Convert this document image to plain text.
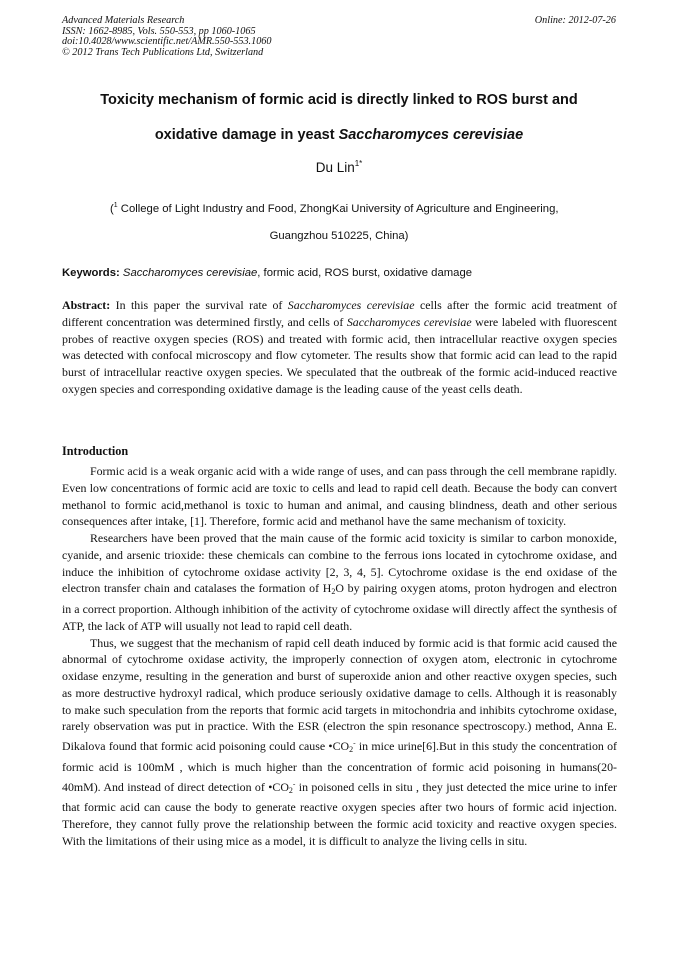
Advanced Materials Research
ISSN: 1662-8985, Vols. 550-553, pp 1060-1065
doi:10.4028/www.scientific.net/AMR.550-553.1060
© 2012 Trans Tech Publications Ltd, Switzerland
Online: 2012-07-26
Toxicity mechanism of formic acid is directly linked to ROS burst and
oxidative damage in yeast Saccharomyces cerevisiae
Du Lin$^{1*}$
($^1$ College of Light Industry and Food, ZhongKai University of Agriculture and Engineering,
Guangzhou 510225, China)
Keywords: Saccharomyces cerevisiae, formic acid, ROS burst, oxidative damage
Abstract: In this paper the survival rate of Saccharomyces cerevisiae cells after the formic acid treatment of different concentration was determined firstly, and cells of Saccharomyces cerevisiae were labeled with fluorescent probes of reactive oxygen species (ROS) and treated with formic acid, then intracellular reactive oxygen species was detected with confocal microscopy and flow cytometer. The results show that formic acid can lead to the rapid burst of intracellular reactive oxygen species. We speculated that the outbreak of the formic acid-induced reactive oxygen species and corresponding oxidative damage is the leading cause of the yeast cells death.
Introduction

Formic acid is a weak organic acid with a wide range of uses, and can pass through the cell membrane rapidly. Even low concentrations of formic acid are toxic to cells and lead to rapid cell death. Because the body can convert methanol to formic acid,methanol is toxic to human and animal, and causing blindness, death and other serious consequences after intake, [1]. Therefore, formic acid and methanol have the same mechanism of toxicity.

Researchers have been proved that the main cause of the formic acid toxicity is similar to carbon monoxide, cyanide, and arsenic trioxide: these chemicals can combine to the ferrous ions located in cytochrome oxidase, and induce the inhibition of cytochrome oxidase activity [2, 3, 4, 5]. Cytochrome oxidase is the end oxidase of the electron transfer chain and catalases the formation of $H_2O$ by pairing oxygen atoms, proton hydrogen and electron in a correct proportion. Although inhibition of the activity of cytochrome oxidase will directly affect the synthesis of ATP, the lack of ATP will usually not lead to rapid cell death.

Thus, we suggest that the mechanism of rapid cell death induced by formic acid is that formic acid caused the abnormal of cytochrome oxidase activity, the improperly connection of oxygen atom, electronic in cytochrome oxidase enzyme, resulting in the generation and burst of superoxide anion and other reactive oxygen species, such as more destructive hydroxyl radical, which produce seriously oxidative damage to cells. Although it is reasonably to make such speculation from the reports that formic acid targets in mitochondria and inhibits cytochrome oxidase, rarely observation was put in practice. With the ESR (electron the spin resonance spectroscopy.) method, Anna E. Dikalova found that formic acid poisoning could cause $•CO_2^-$ in mice urine[6].But in this study the concentration of formic acid is 100mM , which is much higher than the concentration of formic acid poisoning in humans(20-40mM). And instead of direct detection of $•CO_2^-$ in poisoned cells in situ , they just detected the mice urine to infer that formic acid can cause the body to generate reactive oxygen species after two hours of formic acid injection. Therefore, they cannot fully prove the relationship between the formic acid toxicity and reactive oxygen species. With the limitations of their using mice as a model, it is difficult to analyze the living cells in situ.
